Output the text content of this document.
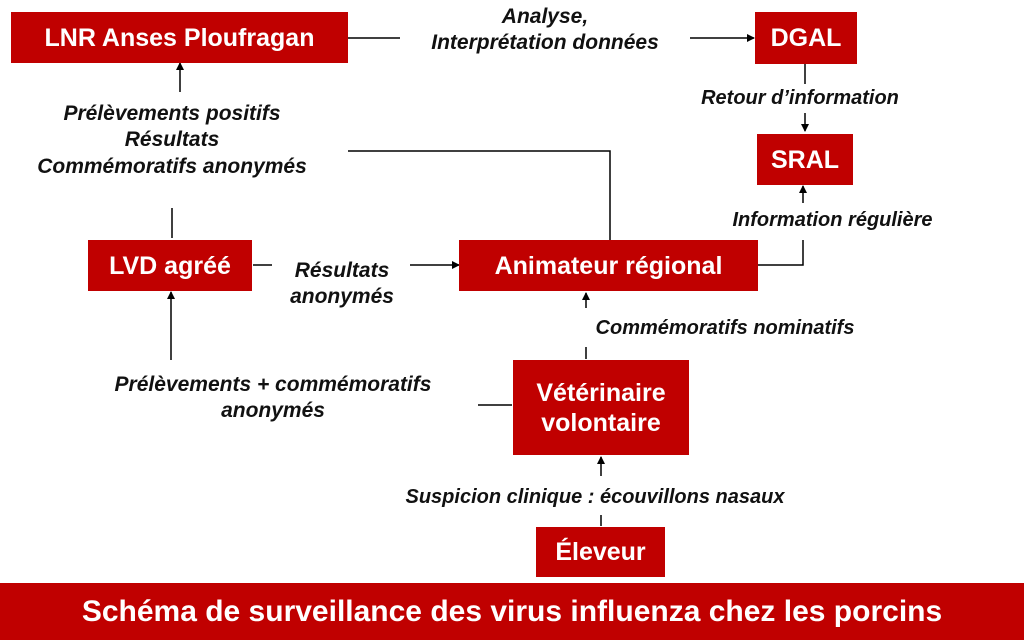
LNR Anses Ploufragan	DGAL
SRAL
LVD agréé	Animateur régional
Vétérinaire
volontaire
Éleveur
Analyse,
Interprétation données
Retour d’information
Prélèvements positifs
Résultats
Commémoratifs anonymés
Information régulière
Résultats
anonymés
Commémoratifs nominatifs
Prélèvements + commémoratifs
anonymés
Suspicion clinique : écouvillons nasaux
Schéma de surveillance des virus influenza chez les porcins
